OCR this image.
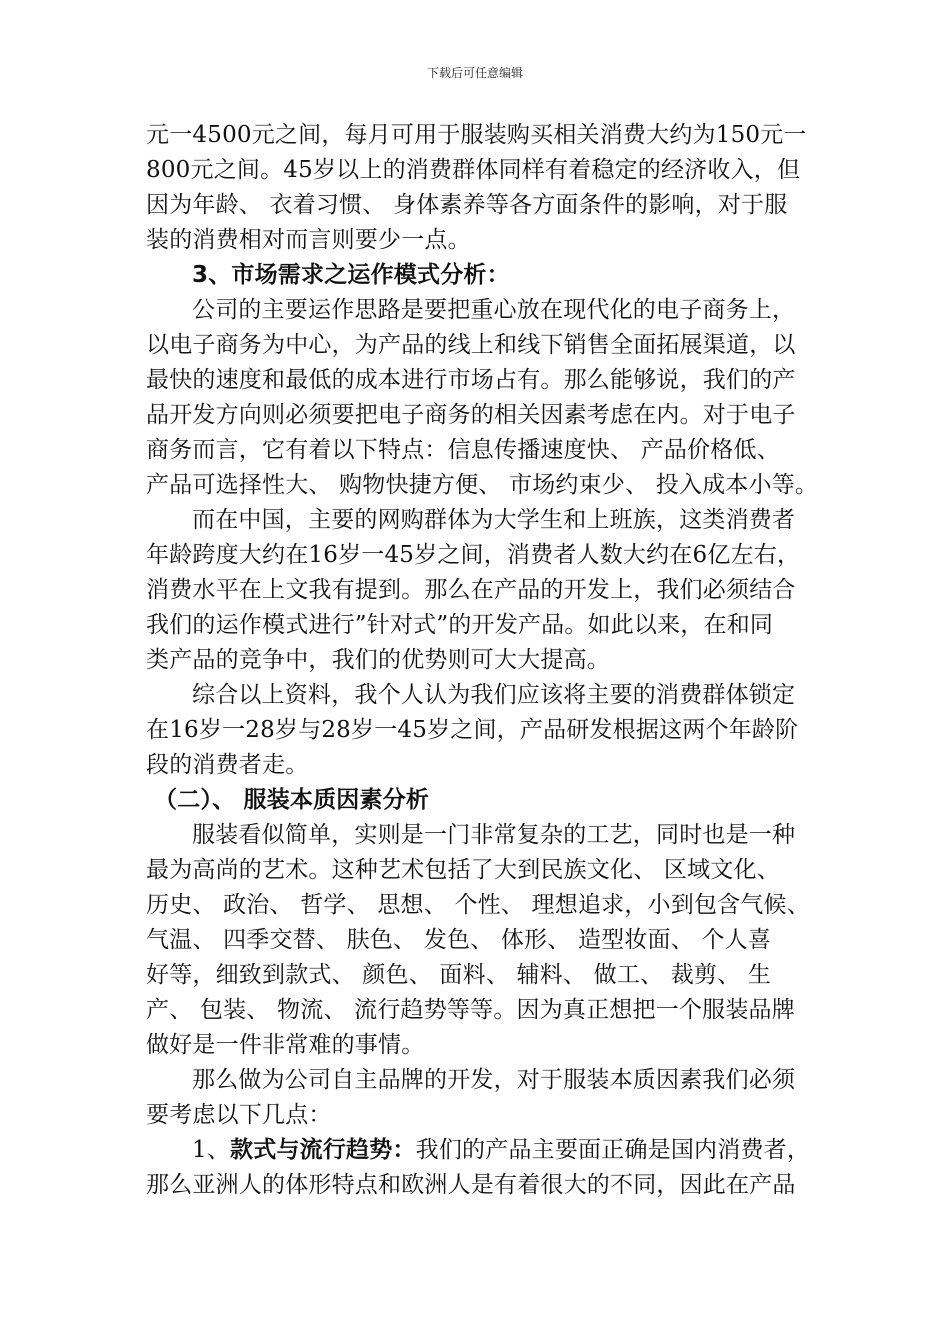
下载后可任意编辑
元一4500元之间，每月可用于服装购买相关消费大约为150元一
800元之间。45岁以上的消费群体同样有着稳定的经济收入，但
因为年龄、 衣着习惯、 身体素养等各方面条件的影响，对于服
装的消费相对而言则要少一点。
3、市场需求之运作模式分析：
公司的主要运作思路是要把重心放在现代化的电子商务上，
以电子商务为中心，为产品的线上和线下销售全面拓展渠道，以
最快的速度和最低的成本进行市场占有。那么能够说，我们的产
品开发方向则必须要把电子商务的相关因素考虑在内。对于电子
商务而言，它有着以下特点：信息传播速度快、 产品价格低、
产品可选择性大、 购物快捷方便、 市场约束少、 投入成本小等。
而在中国，主要的网购群体为大学生和上班族，这类消费者
年龄跨度大约在16岁一45岁之间，消费者人数大约在6亿左右，
消费水平在上文我有提到。那么在产品的开发上，我们必须结合
我们的运作模式进行”针对式”的开发产品。如此以来，在和同
类产品的竞争中，我们的优势则可大大提高。
综合以上资料，我个人认为我们应该将主要的消费群体锁定
在16岁一28岁与28岁一45岁之间，产品研发根据这两个年龄阶
段的消费者走。
（二）、 服装本质因素分析
服装看似简单，实则是一门非常复杂的工艺，同时也是一种
最为高尚的艺术。这种艺术包括了大到民族文化、 区域文化、
历史、 政治、 哲学、 思想、 个性、 理想追求，小到包含气候、
气温、 四季交替、 肤色、 发色、 体形、 造型妆面、 个人喜
好等，细致到款式、 颜色、 面料、 辅料、 做工、 裁剪、 生
产、 包装、 物流、 流行趋势等等。因为真正想把一个服装品牌
做好是一件非常难的事情。
那么做为公司自主品牌的开发，对于服装本质因素我们必须
要考虑以下几点：
1、款式与流行趋势：我们的产品主要面正确是国内消费者，
那么亚洲人的体形特点和欧洲人是有着很大的不同，因此在产品
